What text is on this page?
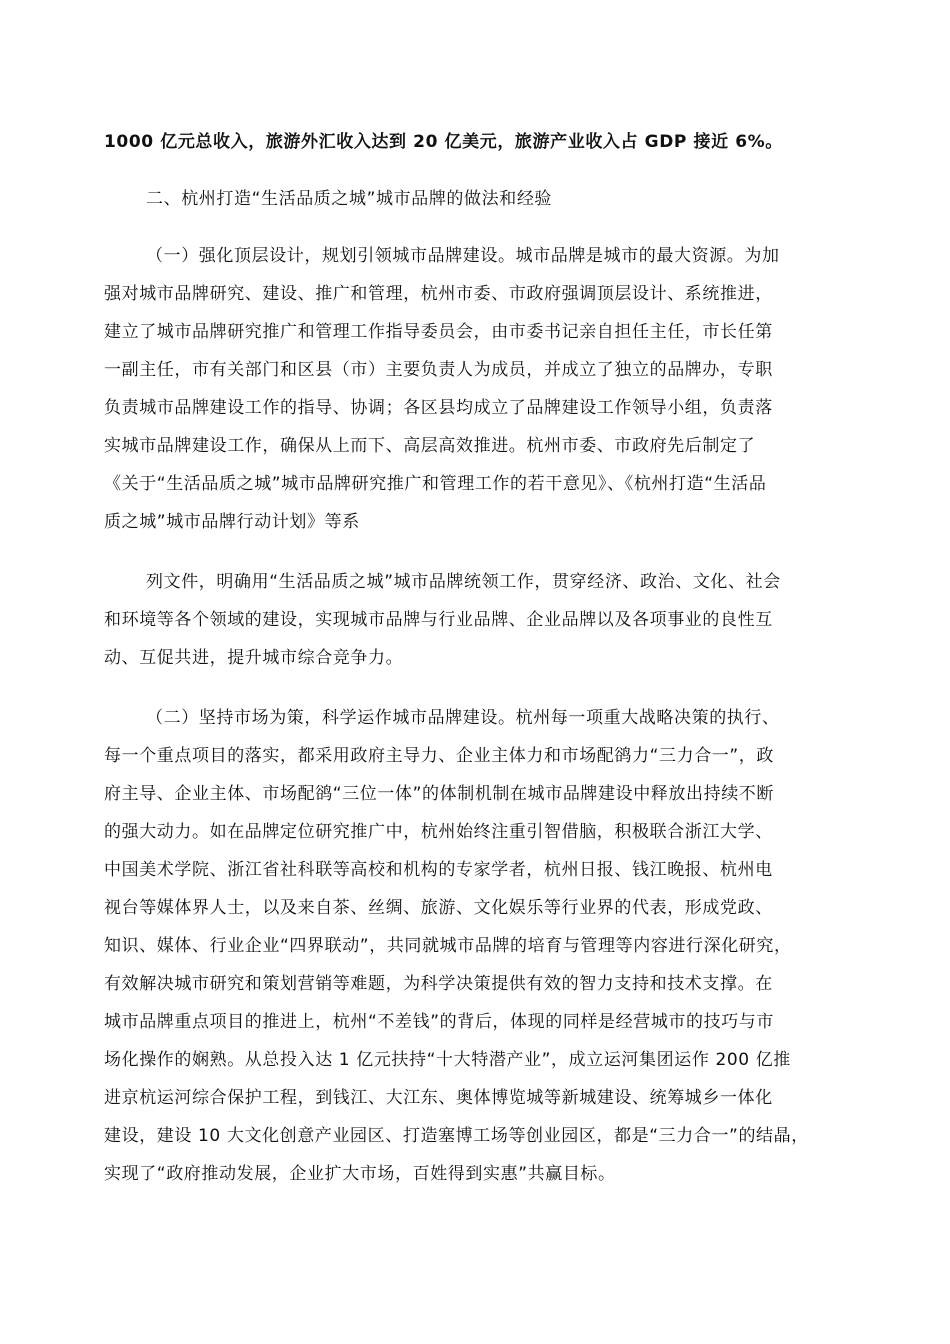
1000 亿元总收入，旅游外汇收入达到 20 亿美元，旅游产业收入占 GDP 接近 6%。
二、杭州打造“生活品质之城”城市品牌的做法和经验
（一）强化顶层设计，规划引领城市品牌建设。城市品牌是城市的最大资源。为加
强对城市品牌研究、建设、推广和管理，杭州市委、市政府强调顶层设计、系统推进，
建立了城市品牌研究推广和管理工作指导委员会，由市委书记亲自担任主任，市长任第
一副主任，市有关部门和区县（市）主要负责人为成员，并成立了独立的品牌办，专职
负责城市品牌建设工作的指导、协调；各区县均成立了品牌建设工作领导小组，负责落
实城市品牌建设工作，确保从上而下、高层高效推进。杭州市委、市政府先后制定了
《关于“生活品质之城”城市品牌研究推广和管理工作的若干意见》、《杭州打造“生活品
质之城”城市品牌行动计划》等系
列文件，明确用“生活品质之城”城市品牌统领工作，贯穿经济、政治、文化、社会
和环境等各个领域的建设，实现城市品牌与行业品牌、企业品牌以及各项事业的良性互
动、互促共进，提升城市综合竞争力。
（二）坚持市场为策，科学运作城市品牌建设。杭州每一项重大战略决策的执行、
每一个重点项目的落实，都采用政府主导力、企业主体力和市场配鹆力“三力合一”，政
府主导、企业主体、市场配鹆“三位一体”的体制机制在城市品牌建设中释放出持续不断
的强大动力。如在品牌定位研究推广中，杭州始终注重引智借脑，积极联合浙江大学、
中国美术学院、浙江省社科联等高校和机构的专家学者，杭州日报、钱江晚报、杭州电
视台等媒体界人士，以及来自茶、丝绸、旅游、文化娱乐等行业界的代表，形成党政、
知识、媒体、行业企业“四界联动”，共同就城市品牌的培育与管理等内容进行深化研究，
有效解决城市研究和策划营销等难题，为科学决策提供有效的智力支持和技术支撑。在
城市品牌重点项目的推进上，杭州“不差钱”的背后，体现的同样是经营城市的技巧与市
场化操作的娴熟。从总投入达 1 亿元扶持“十大特潜产业”，成立运河集团运作 200 亿推
进京杭运河综合保护工程，到钱江、大江东、奥体博览城等新城建设、统筹城乡一体化
建设，建设 10 大文化创意产业园区、打造塞博工场等创业园区，都是“三力合一”的结晶，
实现了“政府推动发展，企业扩大市场，百姓得到实惠”共赢目标。
